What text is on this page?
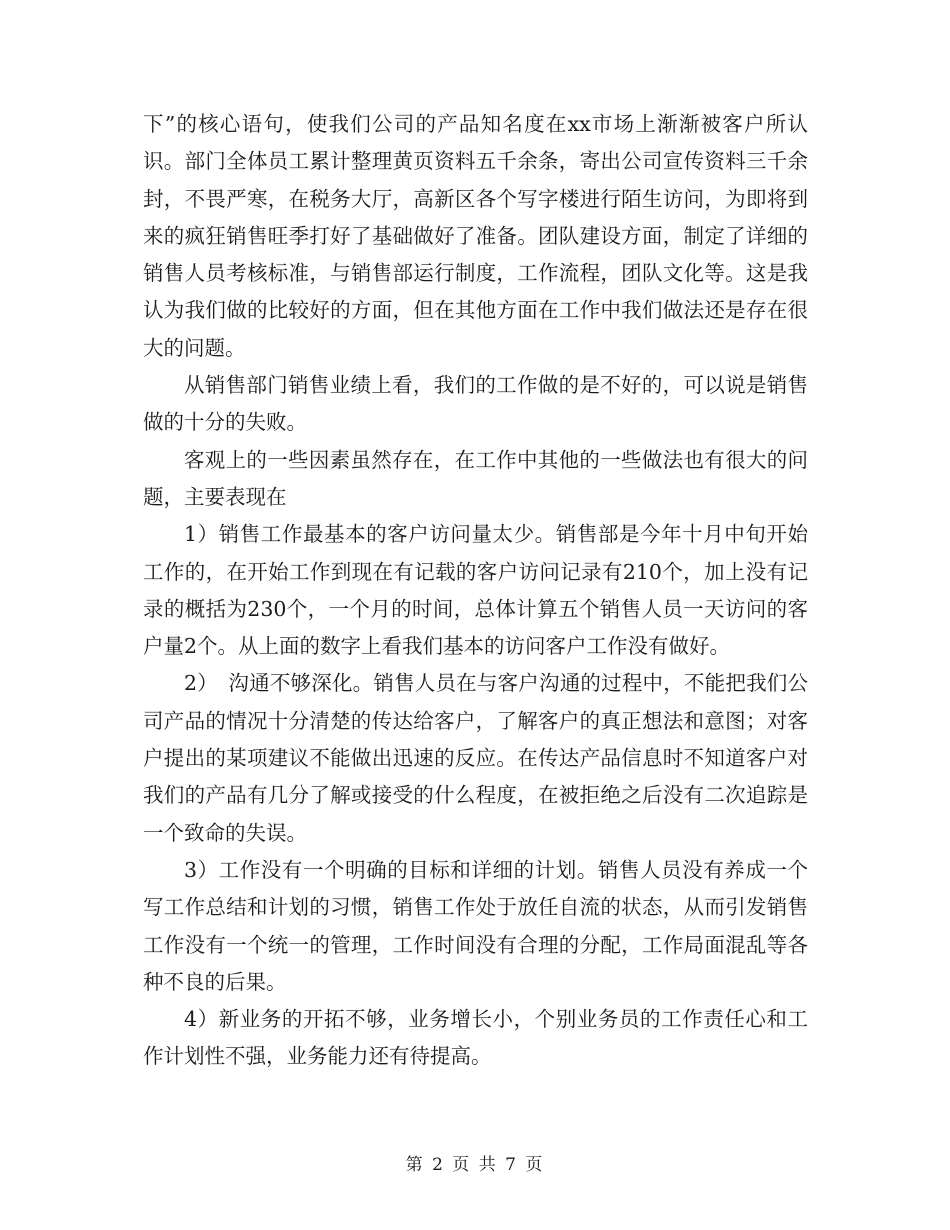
下”的核心语句，使我们公司的产品知名度在xx市场上渐渐被客户所认识。部门全体员工累计整理黄页资料五千余条，寄出公司宣传资料三千余封，不畏严寒，在税务大厅，高新区各个写字楼进行陌生访问，为即将到来的疯狂销售旺季打好了基础做好了准备。团队建设方面，制定了详细的销售人员考核标准，与销售部运行制度，工作流程，团队文化等。这是我认为我们做的比较好的方面，但在其他方面在工作中我们做法还是存在很大的问题。

从销售部门销售业绩上看，我们的工作做的是不好的，可以说是销售做的十分的失败。

客观上的一些因素虽然存在，在工作中其他的一些做法也有很大的问题，主要表现在

1）销售工作最基本的客户访问量太少。销售部是今年十月中旬开始工作的，在开始工作到现在有记载的客户访问记录有210个，加上没有记录的概括为230个，一个月的时间，总体计算五个销售人员一天访问的客户量2个。从上面的数字上看我们基本的访问客户工作没有做好。

2）　沟通不够深化。销售人员在与客户沟通的过程中，不能把我们公司产品的情况十分清楚的传达给客户，了解客户的真正想法和意图；对客户提出的某项建议不能做出迅速的反应。在传达产品信息时不知道客户对我们的产品有几分了解或接受的什么程度，在被拒绝之后没有二次追踪是一个致命的失误。

3）工作没有一个明确的目标和详细的计划。销售人员没有养成一个写工作总结和计划的习惯，销售工作处于放任自流的状态，从而引发销售工作没有一个统一的管理，工作时间没有合理的分配，工作局面混乱等各种不良的后果。

4）新业务的开拓不够，业务增长小，个别业务员的工作责任心和工作计划性不强，业务能力还有待提高。

第 2 页 共 7 页
